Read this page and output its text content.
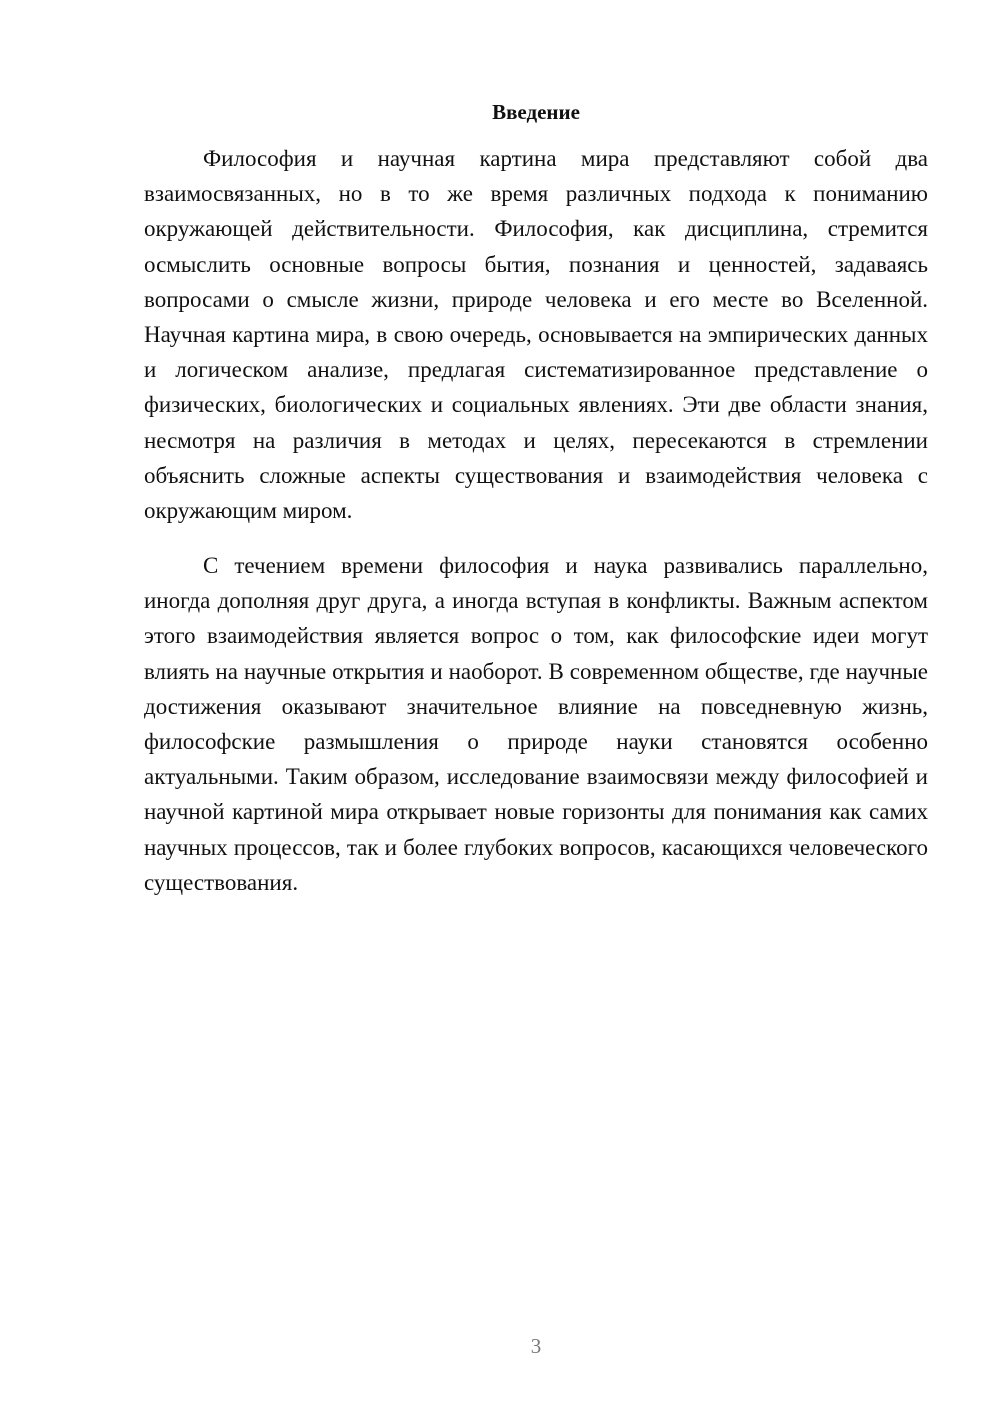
Введение

Философия и научная картина мира представляют собой два взаимосвязанных, но в то же время различных подхода к пониманию окружающей действительности. Философия, как дисциплина, стремится осмыслить основные вопросы бытия, познания и ценностей, задаваясь вопросами о смысле жизни, природе человека и его месте во Вселенной. Научная картина мира, в свою очередь, основывается на эмпирических данных и логическом анализе, предлагая систематизированное представление о физических, биологических и социальных явлениях. Эти две области знания, несмотря на различия в методах и целях, пересекаются в стремлении объяснить сложные аспекты существования и взаимодействия человека с окружающим миром.

С течением времени философия и наука развивались параллельно, иногда дополняя друг друга, а иногда вступая в конфликты. Важным аспектом этого взаимодействия является вопрос о том, как философские идеи могут влиять на научные открытия и наоборот. В современном обществе, где научные достижения оказывают значительное влияние на повседневную жизнь, философские размышления о природе науки становятся особенно актуальными. Таким образом, исследование взаимосвязи между философией и научной картиной мира открывает новые горизонты для понимания как самих научных процессов, так и более глубоких вопросов, касающихся человеческого существования.

3
